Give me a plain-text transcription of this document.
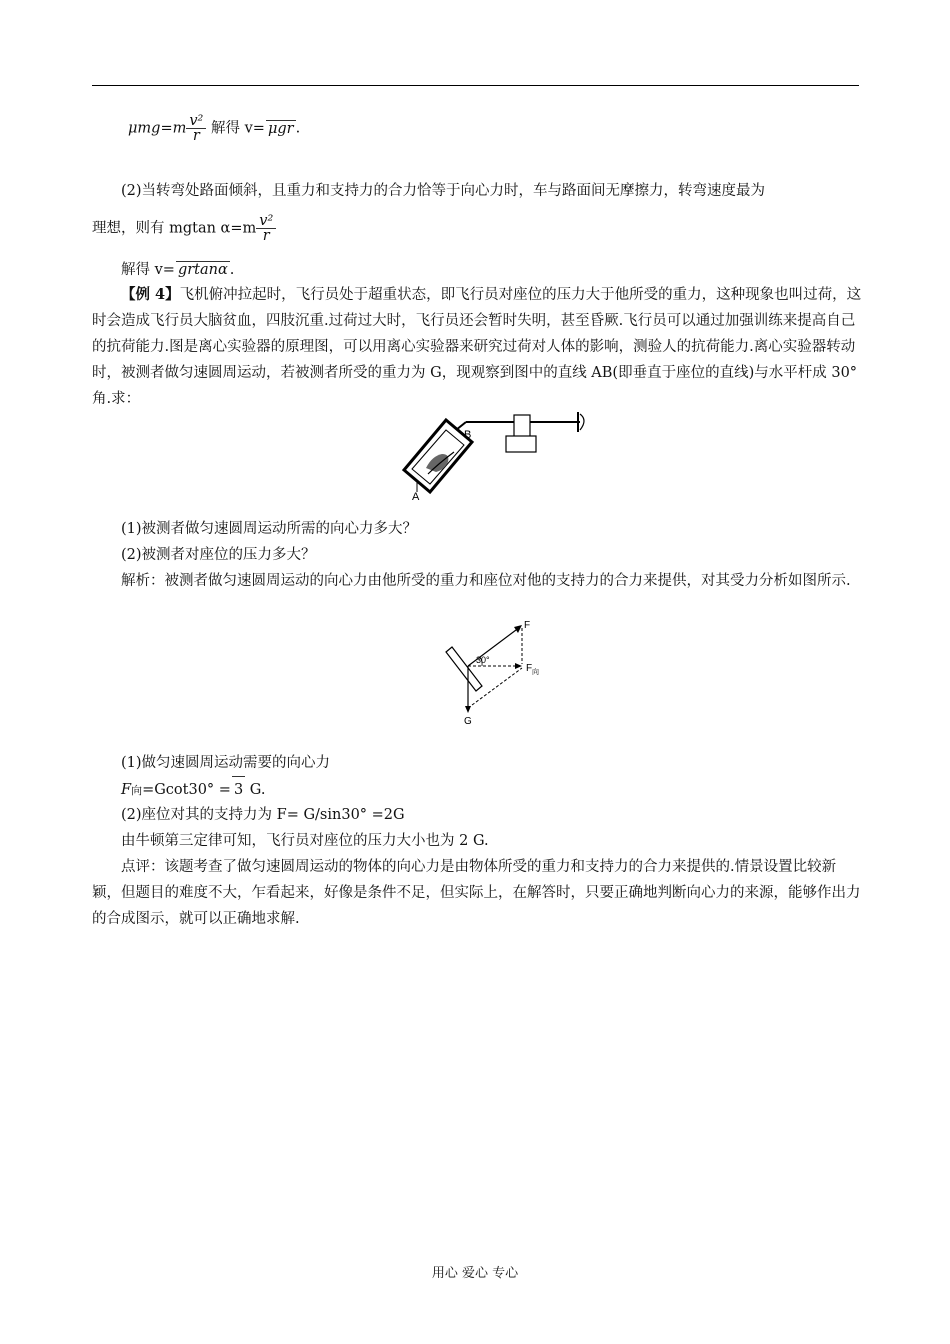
$\mu mg=m \frac{\text{v²}}{r}$ 解得 v= μgr .
(2)当转弯处路面倾斜，且重力和支持力的合力恰等于向心力时，车与路面间无摩擦力，转弯速度最为
理想，则有 mgtan $\alpha=m \frac{\text{v²}}{r}$
解得 v= grtanα .
【例 4】飞机俯冲拉起时，飞行员处于超重状态，即飞行员对座位的压力大于他所受的重力，这种现象也叫过荷，这时会造成飞行员大脑贫血，四肢沉重.过荷过大时，飞行员还会暂时失明，甚至昏厥.飞行员可以通过加强训练来提高自己的抗荷能力.图是离心实验器的原理图，可以用离心实验器来研究过荷对人体的影响，测验人的抗荷能力.离心实验器转动时，被测者做匀速圆周运动，若被测者所受的重力为 G，现观察到图中的直线 AB(即垂直于座位的直线)与水平杆成 30° 角.求：
B
A
(1)被测者做匀速圆周运动所需的向心力多大？
(2)被测者对座位的压力多大？
解析：被测者做匀速圆周运动的向心力由他所受的重力和座位对他的支持力的合力来提供，对其受力分析如图所示.
30°
F
F 向
G
(1)做匀速圆周运动需要的向心力
F向=Gcot30° = 3 G.
(2)座位对其的支持力为 F= G/sin30° =2G
由牛顿第三定律可知，飞行员对座位的压力大小也为 2 G.
点评：该题考查了做匀速圆周运动的物体的向心力是由物体所受的重力和支持力的合力来提供的.情景设置比较新颖，但题目的难度不大，乍看起来，好像是条件不足，但实际上，在解答时，只要正确地判断向心力的来源，能够作出力的合成图示，就可以正确地求解.
用心 爱心 专心
